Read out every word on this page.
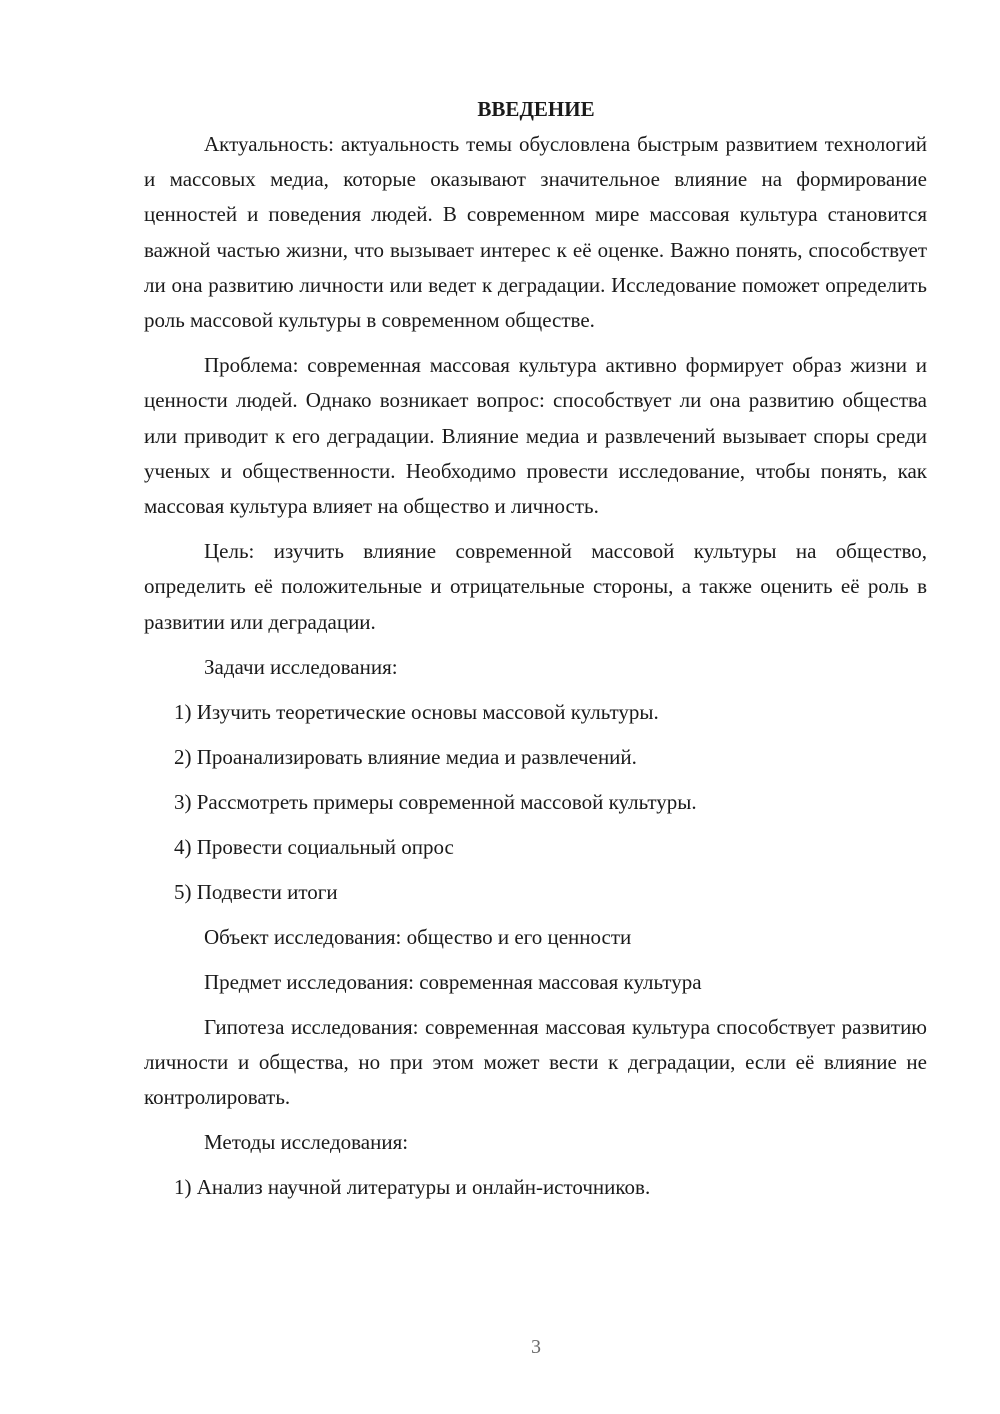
ВВЕДЕНИЕ

Актуальность: актуальность темы обусловлена быстрым развитием технологий и массовых медиа, которые оказывают значительное влияние на формирование ценностей и поведения людей. В современном мире массовая культура становится важной частью жизни, что вызывает интерес к её оценке. Важно понять, способствует ли она развитию личности или ведет к деградации. Исследование поможет определить роль массовой культуры в современном обществе.

Проблема: современная массовая культура активно формирует образ жизни и ценности людей. Однако возникает вопрос: способствует ли она развитию общества или приводит к его деградации. Влияние медиа и развлечений вызывает споры среди ученых и общественности. Необходимо провести исследование, чтобы понять, как массовая культура влияет на общество и личность.

Цель: изучить влияние современной массовой культуры на общество, определить её положительные и отрицательные стороны, а также оценить её роль в развитии или деградации.

Задачи исследования:
1) Изучить теоретические основы массовой культуры.
2) Проанализировать влияние медиа и развлечений.
3) Рассмотреть примеры современной массовой культуры.
4) Провести социальный опрос
5) Подвести итоги
Объект исследования: общество и его ценности
Предмет исследования: современная массовая культура

Гипотеза исследования: современная массовая культура способствует развитию личности и общества, но при этом может вести к деградации, если её влияние не контролировать.

Методы исследования:
1) Анализ научной литературы и онлайн-источников.
3
